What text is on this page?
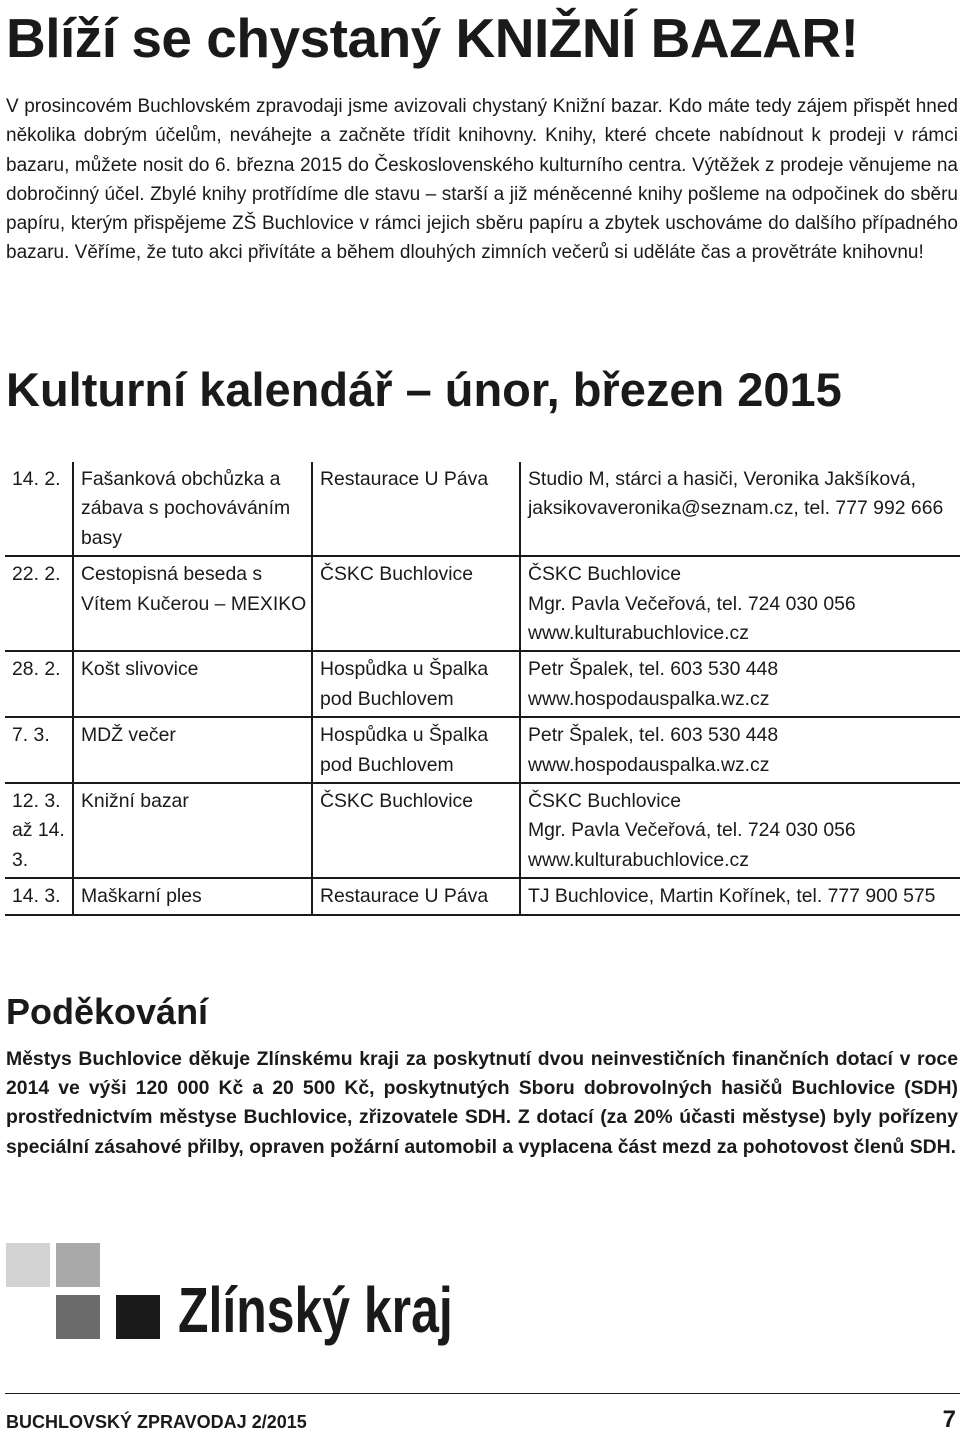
Blíží se chystaný KNIŽNÍ BAZAR!

V prosincovém Buchlovském zpravodaji jsme avizovali chystaný Knižní bazar. Kdo máte tedy zájem přispět hned několika dobrým účelům, neváhejte a začněte třídit knihovny. Knihy, které chcete nabídnout k prodeji v rámci bazaru, můžete nosit do 6. března 2015 do Československého kulturního centra. Výtěžek z prodeje věnujeme na dobročinný účel. Zbylé knihy protřídíme dle stavu – starší a již méněcenné knihy pošleme na odpočinek do sběru papíru, kterým přispějeme ZŠ Buchlovice v rámci jejich sběru papíru a zbytek uschováme do dalšího případného bazaru. Věříme, že tuto akci přivítáte a během dlouhých zimních večerů si uděláte čas a provětráte knihovnu!

Kulturní kalendář – únor, březen 2015
14. 2.	Fašanková obchůzka a zábava s pochováváním basy	Restaurace U Páva	Studio M, stárci a hasiči, Veronika Jakšíková, jaksikovaveronika@seznam.cz, tel. 777 992 666
22. 2.	Cestopisná beseda s Vítem Kučerou – MEXIKO	ČSKC Buchlovice	ČSKC Buchlovice
Mgr. Pavla Večeřová, tel. 724 030 056
www.kulturabuchlovice.cz
28. 2.	Košt slivovice	Hospůdka u Špalka pod Buchlovem	Petr Špalek, tel. 603 530 448
www.hospodauspalka.wz.cz
7. 3.	MDŽ večer	Hospůdka u Špalka pod Buchlovem	Petr Špalek, tel. 603 530 448
www.hospodauspalka.wz.cz
12. 3. až 14. 3.	Knižní bazar	ČSKC Buchlovice	ČSKC Buchlovice
Mgr. Pavla Večeřová, tel. 724 030 056
www.kulturabuchlovice.cz
14. 3.	Maškarní ples	Restaurace U Páva	TJ Buchlovice, Martin Kořínek, tel. 777 900 575
Poděkování

Městys Buchlovice děkuje Zlínskému kraji za poskytnutí dvou neinvestičních finančních dotací v roce 2014 ve výši 120 000 Kč a 20 500 Kč, poskytnutých Sboru dobrovolných hasičů Buchlovice (SDH) prostřednictvím městyse Buchlovice, zřizovatele SDH. Z dotací (za 20% účasti městyse) byly pořízeny speciální zásahové přilby, opraven požární automobil a vyplacena část mezd za pohotovost členů SDH.

Zlínský kraj

BUCHLOVSKÝ ZPRAVODAJ 2/2015	7
